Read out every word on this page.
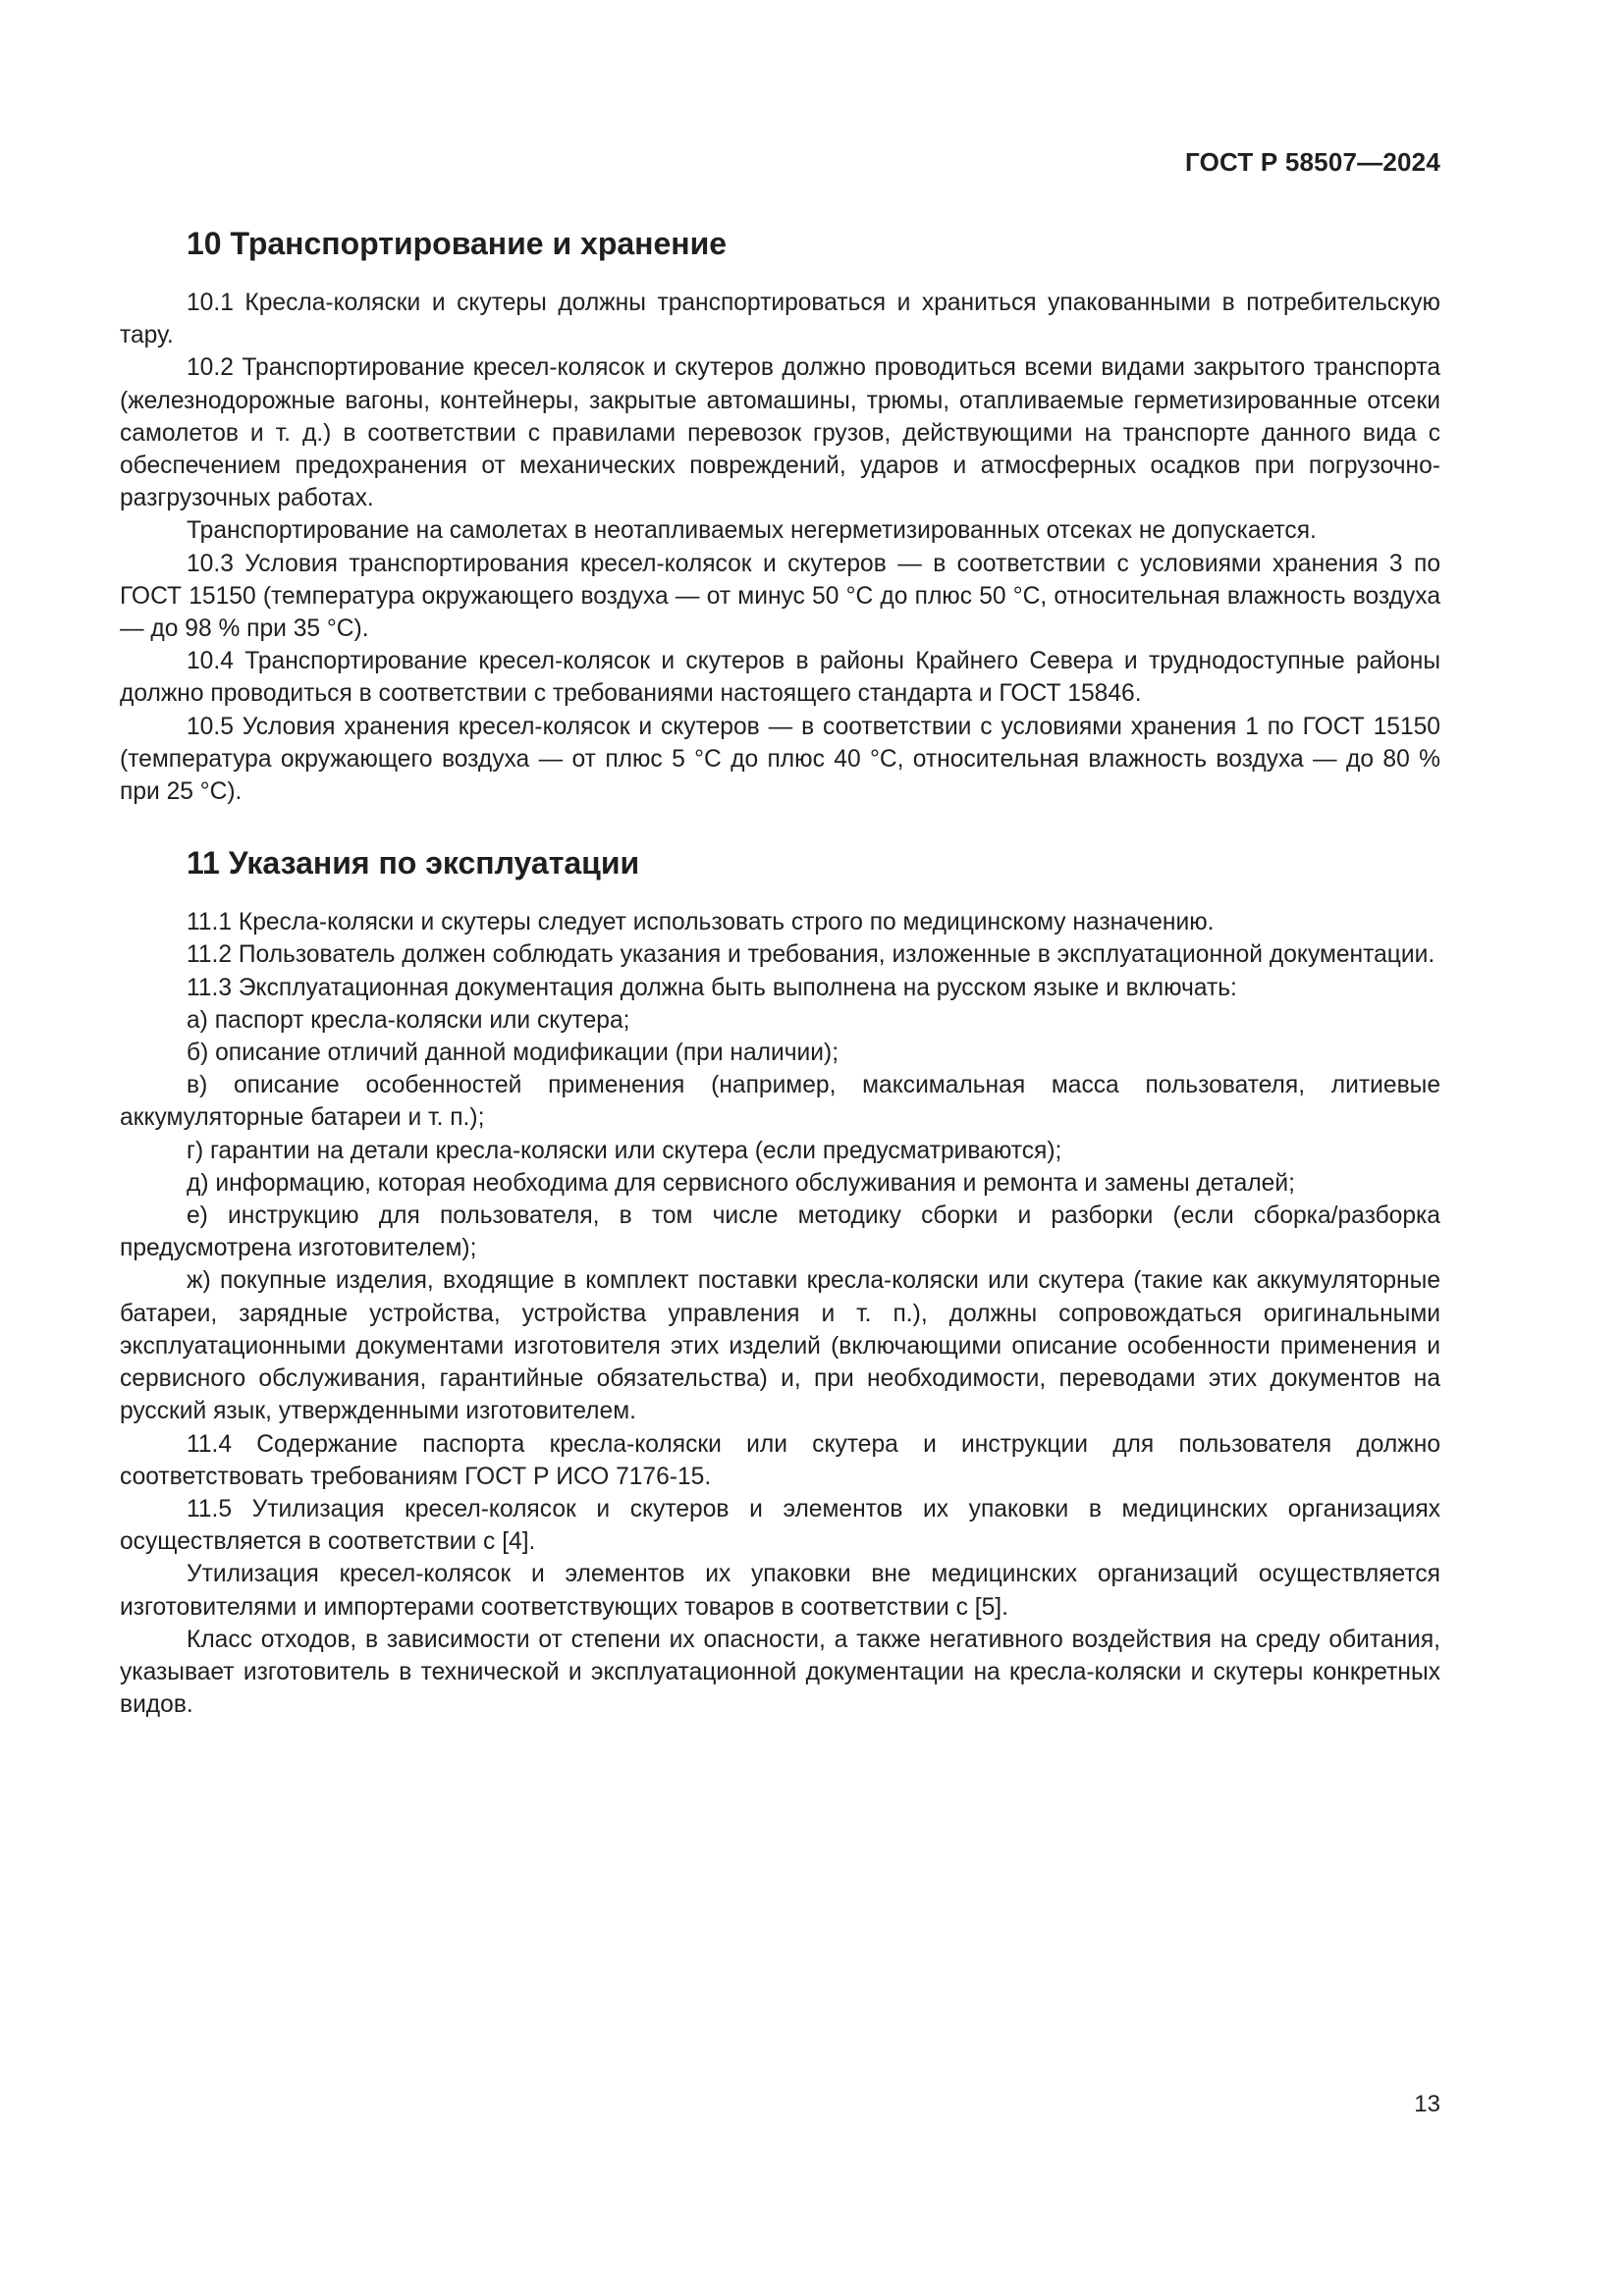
ГОСТ Р 58507—2024
10 Транспортирование и хранение

10.1 Кресла-коляски и скутеры должны транспортироваться и храниться упакованными в потребительскую тару.

10.2 Транспортирование кресел-колясок и скутеров должно проводиться всеми видами закрытого транспорта (железнодорожные вагоны, контейнеры, закрытые автомашины, трюмы, отапливаемые герметизированные отсеки самолетов и т. д.) в соответствии с правилами перевозок грузов, действующими на транспорте данного вида с обеспечением предохранения от механических повреждений, ударов и атмосферных осадков при погрузочно-разгрузочных работах.

Транспортирование на самолетах в неотапливаемых негерметизированных отсеках не допускается.

10.3 Условия транспортирования кресел-колясок и скутеров — в соответствии с условиями хранения 3 по ГОСТ 15150 (температура окружающего воздуха — от минус 50 °С до плюс 50 °С, относительная влажность воздуха — до 98 % при 35 °С).

10.4 Транспортирование кресел-колясок и скутеров в районы Крайнего Севера и труднодоступные районы должно проводиться в соответствии с требованиями настоящего стандарта и ГОСТ 15846.

10.5 Условия хранения кресел-колясок и скутеров — в соответствии с условиями хранения 1 по ГОСТ 15150 (температура окружающего воздуха — от плюс 5 °С до плюс 40 °С, относительная влажность воздуха — до 80 % при 25 °С).

11 Указания по эксплуатации

11.1 Кресла-коляски и скутеры следует использовать строго по медицинскому назначению.

11.2 Пользователь должен соблюдать указания и требования, изложенные в эксплуатационной документации.

11.3 Эксплуатационная документация должна быть выполнена на русском языке и включать:

а) паспорт кресла-коляски или скутера;

б) описание отличий данной модификации (при наличии);

в) описание особенностей применения (например, максимальная масса пользователя, литиевые аккумуляторные батареи и т. п.);

г) гарантии на детали кресла-коляски или скутера (если предусматриваются);

д) информацию, которая необходима для сервисного обслуживания и ремонта и замены деталей;

е) инструкцию для пользователя, в том числе методику сборки и разборки (если сборка/разборка предусмотрена изготовителем);

ж) покупные изделия, входящие в комплект поставки кресла-коляски или скутера (такие как аккумуляторные батареи, зарядные устройства, устройства управления и т. п.), должны сопровождаться оригинальными эксплуатационными документами изготовителя этих изделий (включающими описание особенности применения и сервисного обслуживания, гарантийные обязательства) и, при необходимости, переводами этих документов на русский язык, утвержденными изготовителем.

11.4 Содержание паспорта кресла-коляски или скутера и инструкции для пользователя должно соответствовать требованиям ГОСТ Р ИСО 7176-15.

11.5 Утилизация кресел-колясок и скутеров и элементов их упаковки в медицинских организациях осуществляется в соответствии с [4].

Утилизация кресел-колясок и элементов их упаковки вне медицинских организаций осуществляется изготовителями и импортерами соответствующих товаров в соответствии с [5].

Класс отходов, в зависимости от степени их опасности, а также негативного воздействия на среду обитания, указывает изготовитель в технической и эксплуатационной документации на кресла-коляски и скутеры конкретных видов.

13
